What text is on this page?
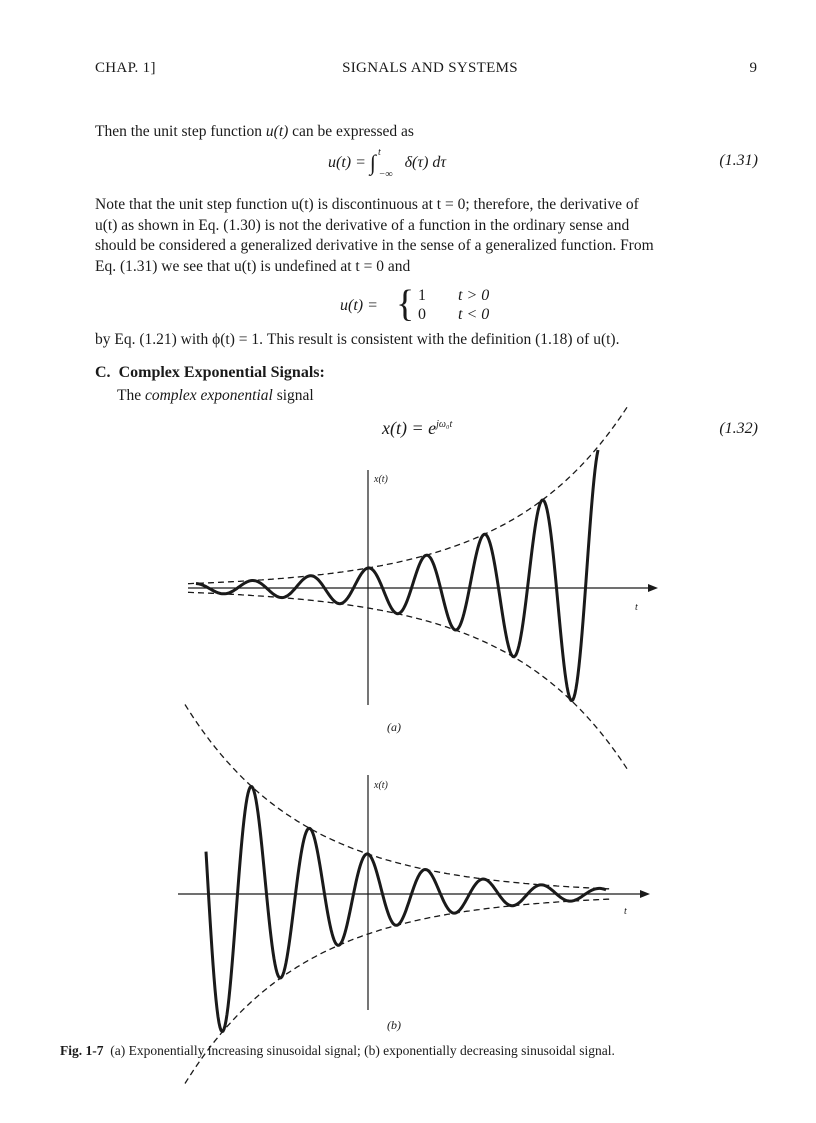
CHAP. 1]	SIGNALS AND SYSTEMS	9
Then the unit step function u(t) can be expressed as
u(t) = ∫ $^t$ $_{-\infty}$ δ(τ) dτ	(1.31)
Note that the unit step function u(t) is discontinuous at t = 0; therefore, the derivative of
u(t) as shown in Eq. (1.30) is not the derivative of a function in the ordinary sense and
should be considered a generalized derivative in the sense of a generalized function. From
Eq. (1.31) we see that u(t) is undefined at t = 0 and
u(t) = { 1 t > 0
0 t < 0
by Eq. (1.21) with ϕ(t) = 1. This result is consistent with the definition (1.18) of u(t).
C. Complex Exponential Signals:
The complex exponential signal
$x(t) = e^{j\omega_0t}$	(1.32)
x(t)
t
(a)
x(t)
t
(b)
Fig. 1-7 (a) Exponentially increasing sinusoidal signal; (b) exponentially decreasing sinusoidal signal.
